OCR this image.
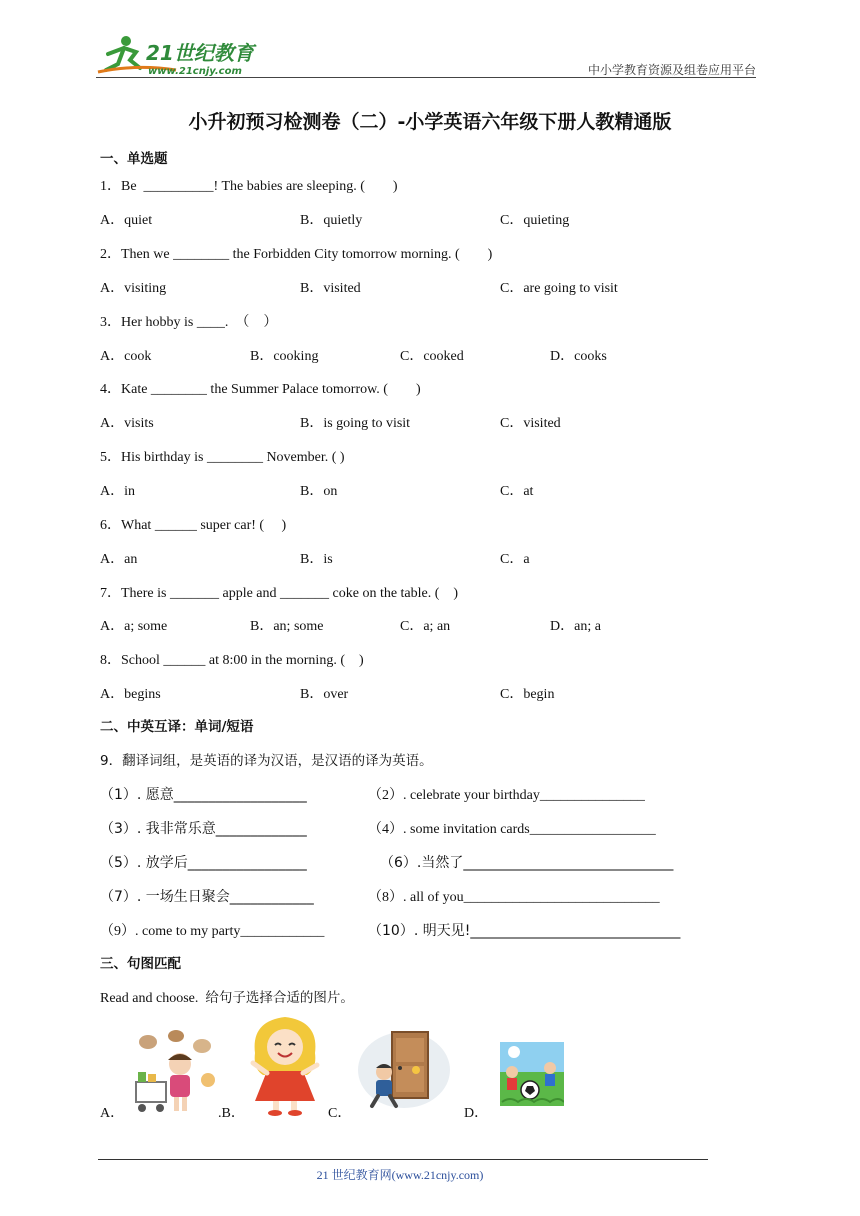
21世纪教育
www.21cnjy.com	中小学教育资源及组卷应用平台
小升初预习检测卷（二）-小学英语六年级下册人教精通版
一、单选题
1．Be  __________! The babies are sleeping. (        )
A．quiet	B．quietly	C．quieting
2．Then we ________ the Forbidden City tomorrow morning. (        )
A．visiting	B．visited	C．are going to visit
3．Her hobby is ____.  （    ）
A．cook	B．cooking	C．cooked	D．cooks
4．Kate ________ the Summer Palace tomorrow. (        )
A．visits	B．is going to visit	C．visited
5．His birthday is ________ November. ( )
A．in	B．on	C．at
6．What ______ super car! (     )
A．an	B．is	C．a
7．There is _______ apple and _______ coke on the table. (    )
A．a; some	B．an; some	C．a; an	D．an; a
8．School ______ at 8:00 in the morning. (    )
A．begins	B．over	C．begin
二、中英互译：单词/短语
9．翻译词组，是英语的译为汉语，是汉语的译为英语。
（1）. 愿意___________________	（2）. celebrate your birthday_______________
（3）. 我非常乐意_____________	（4）. some invitation cards__________________
（5）. 放学后_________________	（6）.当然了______________________________
（7）. 一场生日聚会____________	（8）. all of you____________________________
（9）. come to my party____________	（10）. 明天见!______________________________
三、句图匹配
Read and choose. 给句子选择合适的图片。
A．	.B．	C．	D．
21 世纪教育网(www.21cnjy.com)
